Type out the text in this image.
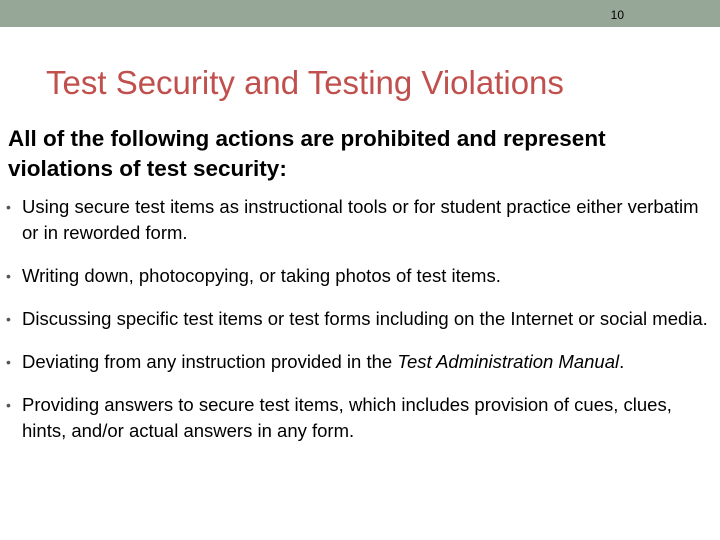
10
Test Security and Testing Violations

All of the following actions are prohibited and represent violations of test security:

• Using secure test items as instructional tools or for student practice either verbatim or in reworded form.
• Writing down, photocopying, or taking photos of test items.
• Discussing specific test items or test forms including on the Internet or social media.
• Deviating from any instruction provided in the Test Administration Manual.
• Providing answers to secure test items, which includes provision of cues, clues, hints, and/or actual answers in any form.
